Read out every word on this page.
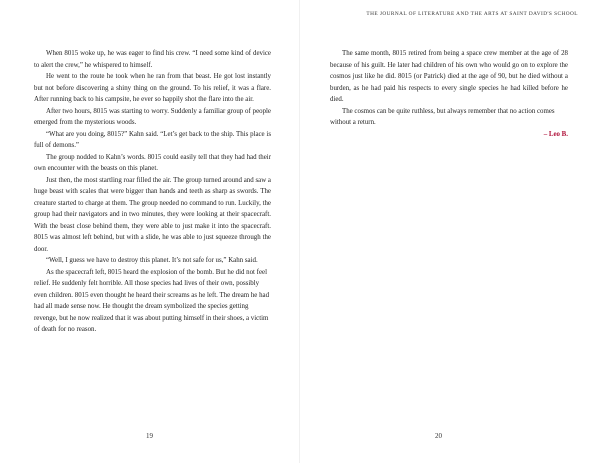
When 8015 woke up, he was eager to find his crew. “I need some kind of device to alert the crew,” he whispered to himself.

He went to the route he took when he ran from that beast. He got lost instantly but not before discovering a shiny thing on the ground. To his relief, it was a flare. After running back to his campsite, he ever so happily shot the flare into the air.

After two hours, 8015 was starting to worry. Suddenly a familiar group of people emerged from the mysterious woods.

“What are you doing, 8015?” Kahn said. “Let’s get back to the ship. This place is full of demons.”

The group nodded to Kahn’s words. 8015 could easily tell that they had had their own encounter with the beasts on this planet.

Just then, the most startling roar filled the air. The group turned around and saw a huge beast with scales that were bigger than hands and teeth as sharp as swords. The creature started to charge at them. The group needed no command to run. Luckily, the group had their navigators and in two minutes, they were looking at their spacecraft. With the beast close behind them, they were able to just make it into the spacecraft. 8015 was almost left behind, but with a slide, he was able to just squeeze through the door.

“Well, I guess we have to destroy this planet. It’s not safe for us,” Kahn said.

As the spacecraft left, 8015 heard the explosion of the bomb. But he did not feel relief. He suddenly felt horrible. All those species had lives of their own, possibly even children. 8015 even thought he heard their screams as he left. The dream he had had all made sense now. He thought the dream symbolized the species getting revenge, but he now realized that it was about putting himself in their shoes, a victim of death for no reason.

19
THE JOURNAL OF LITERATURE AND THE ARTS AT SAINT DAVID'S SCHOOL

The same month, 8015 retired from being a space crew member at the age of 28 because of his guilt. He later had children of his own who would go on to explore the cosmos just like he did. 8015 (or Patrick) died at the age of 90, but he died without a burden, as he had paid his respects to every single species he had killed before he died.

The cosmos can be quite ruthless, but always remember that no action comes without a return.

– Leo B.
20
